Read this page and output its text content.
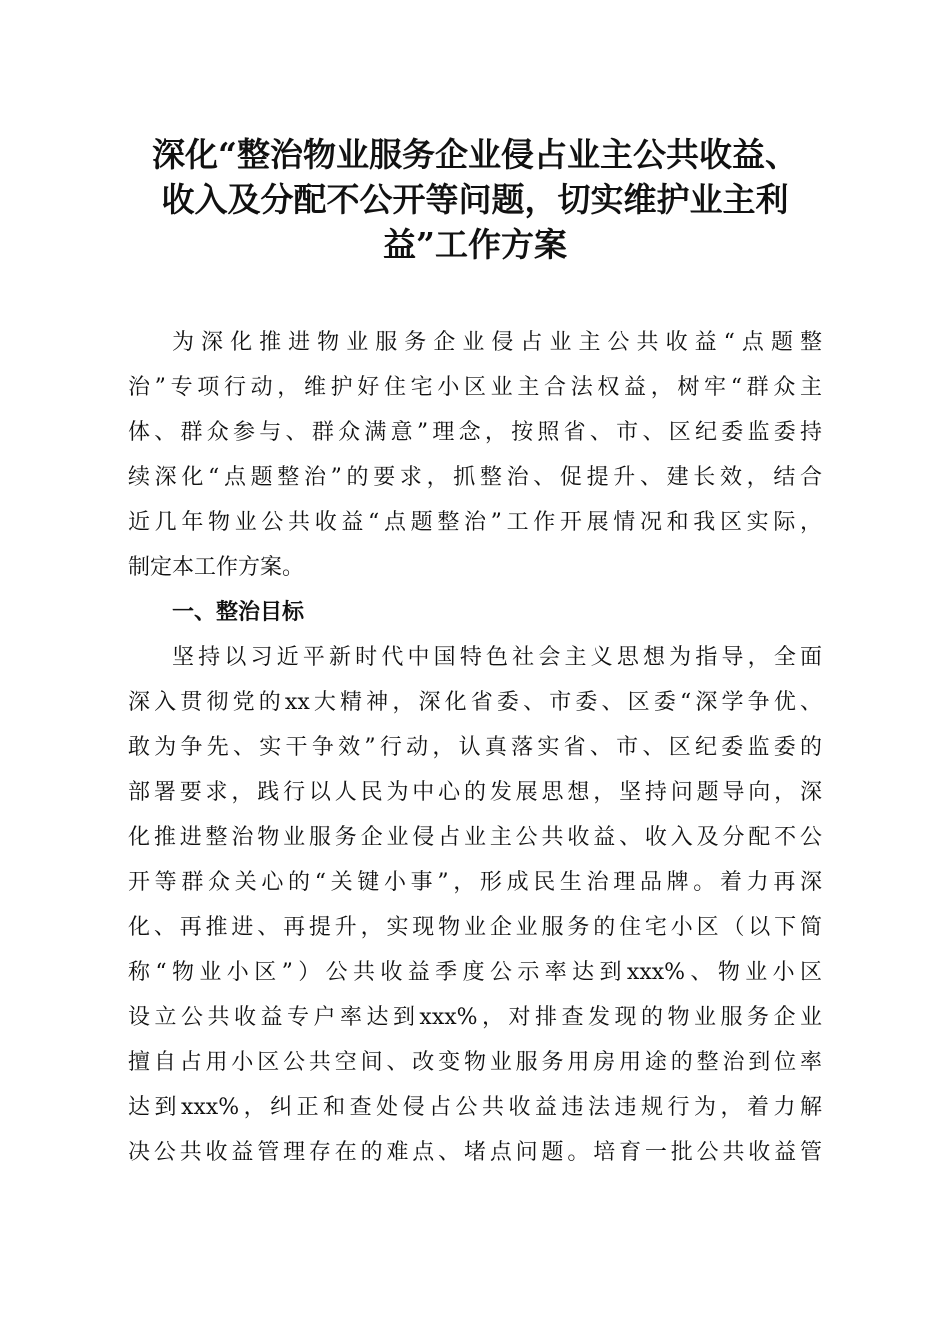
深化“整治物业服务企业侵占业主公共收益、
收入及分配不公开等问题，切实维护业主利
益”工作方案
为深化推进物业服务企业侵占业主公共收益“点题整
治”专项行动，维护好住宅小区业主合法权益，树牢“群众主
体、群众参与、群众满意”理念，按照省、市、区纪委监委持
续深化“点题整治”的要求，抓整治、促提升、建长效，结合
近几年物业公共收益“点题整治”工作开展情况和我区实际，
制定本工作方案。
一、整治目标
坚持以习近平新时代中国特色社会主义思想为指导，全面
深入贯彻党的xx大精神，深化省委、市委、区委“深学争优、
敢为争先、实干争效”行动，认真落实省、市、区纪委监委的
部署要求，践行以人民为中心的发展思想，坚持问题导向，深
化推进整治物业服务企业侵占业主公共收益、收入及分配不公
开等群众关心的“关键小事”，形成民生治理品牌。着力再深
化、再推进、再提升，实现物业企业服务的住宅小区（以下简
称“物业小区”）公共收益季度公示率达到xxx%、物业小区
设立公共收益专户率达到xxx%，对排查发现的物业服务企业
擅自占用小区公共空间、改变物业服务用房用途的整治到位率
达到xxx%，纠正和查处侵占公共收益违法违规行为，着力解
决公共收益管理存在的难点、堵点问题。培育一批公共收益管
